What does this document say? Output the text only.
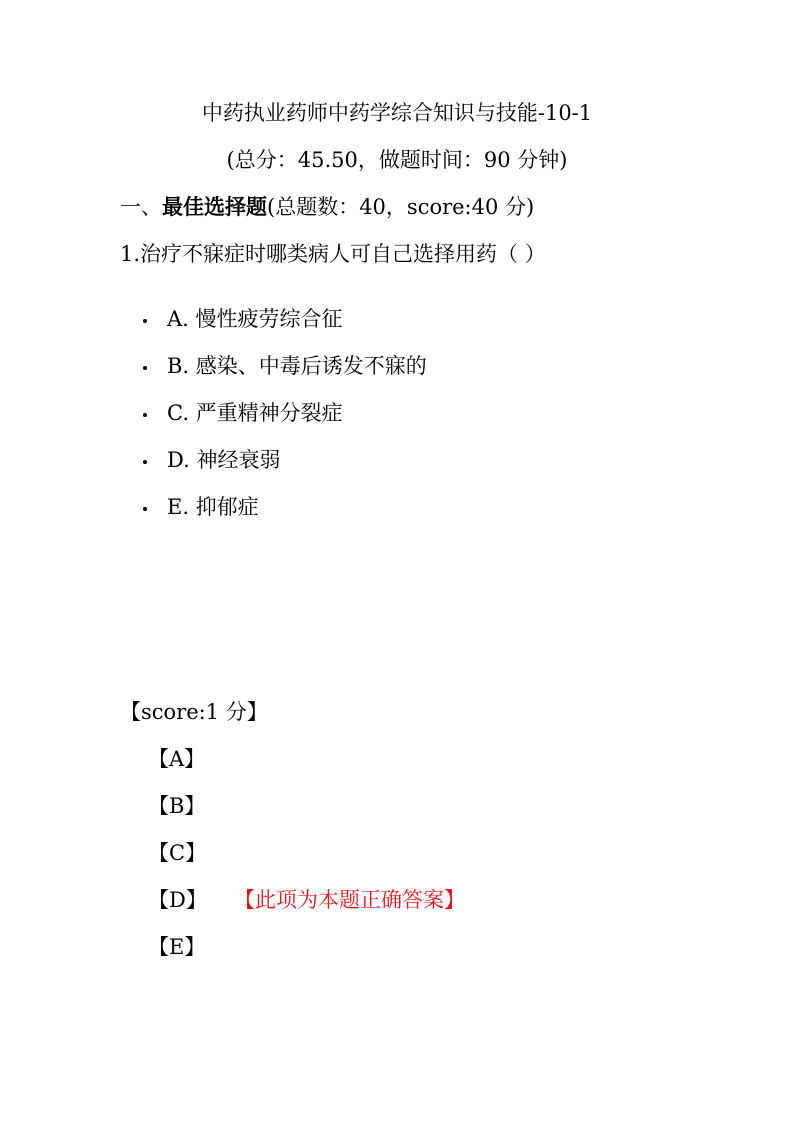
中药执业药师中药学综合知识与技能-10-1
(总分：45.50，做题时间：90 分钟)
一、最佳选择题(总题数：40，score:40 分)
1.治疗不寐症时哪类病人可自己选择用药（ ）
A. 慢性疲劳综合征
B. 感染、中毒后诱发不寐的
C. 严重精神分裂症
D. 神经衰弱
E. 抑郁症
【score:1 分】
【A】
【B】
【C】
【D】 【此项为本题正确答案】
【E】
